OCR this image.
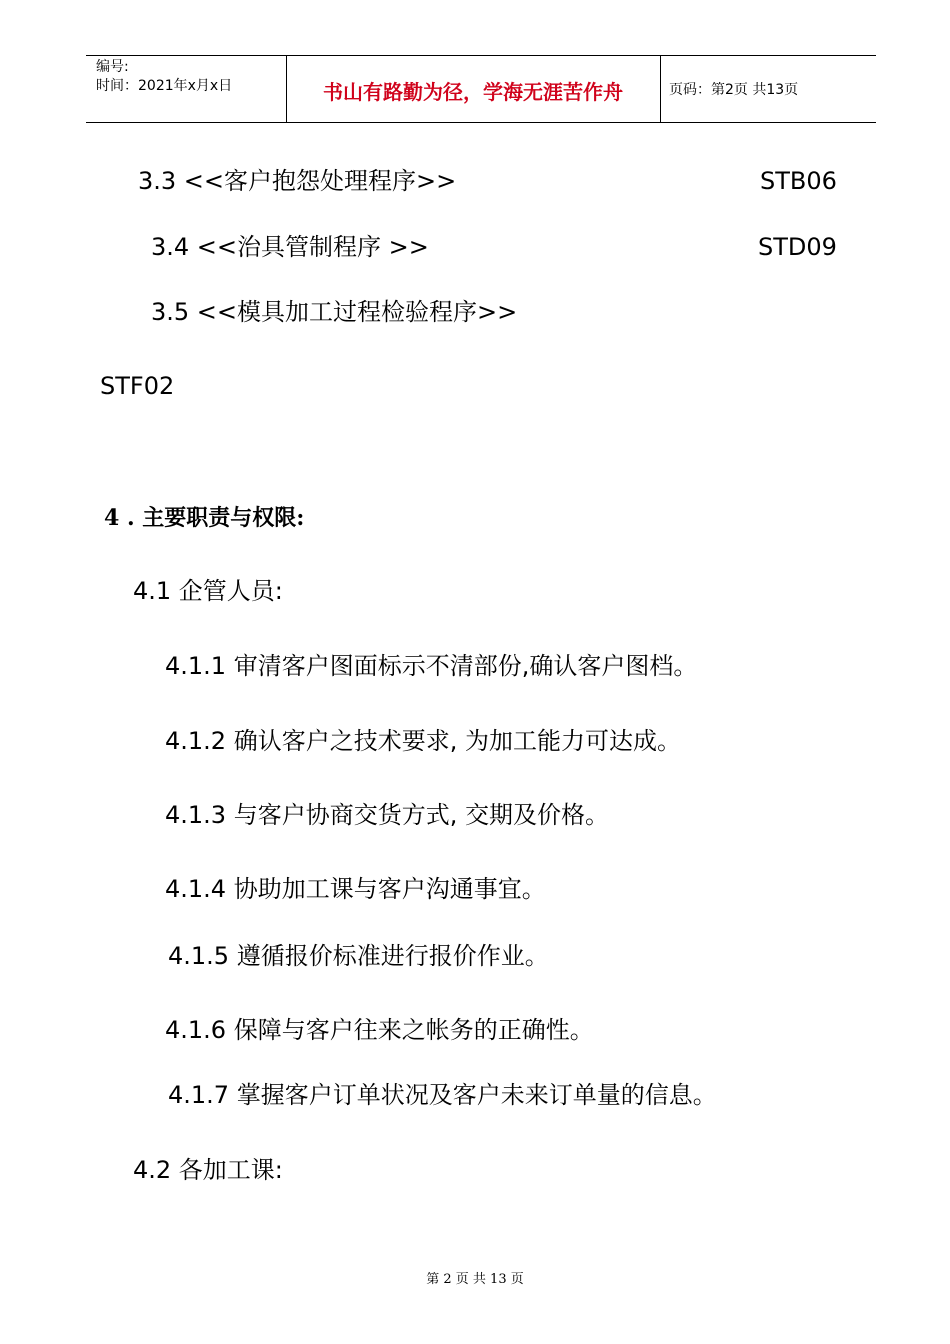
编号:
时间：2021年x月x日	书山有路勤为径，学海无涯苦作舟	页码：第2页 共13页
3.3 <<客户抱怨处理程序>>	STB06
3.4 <<治具管制程序 >>	STD09
3.5 <<模具加工过程检验程序>>
STF02
4 . 主要职责与权限:
4.1 企管人员:
4.1.1 审清客户图面标示不清部份,确认客户图档。
4.1.2 确认客户之技术要求, 为加工能力可达成。
4.1.3 与客户协商交货方式, 交期及价格。
4.1.4 协助加工课与客户沟通事宜。
4.1.5 遵循报价标准进行报价作业。
4.1.6 保障与客户往来之帐务的正确性。
4.1.7 掌握客户订单状况及客户未来订单量的信息。
4.2 各加工课:
第 2 页 共 13 页
